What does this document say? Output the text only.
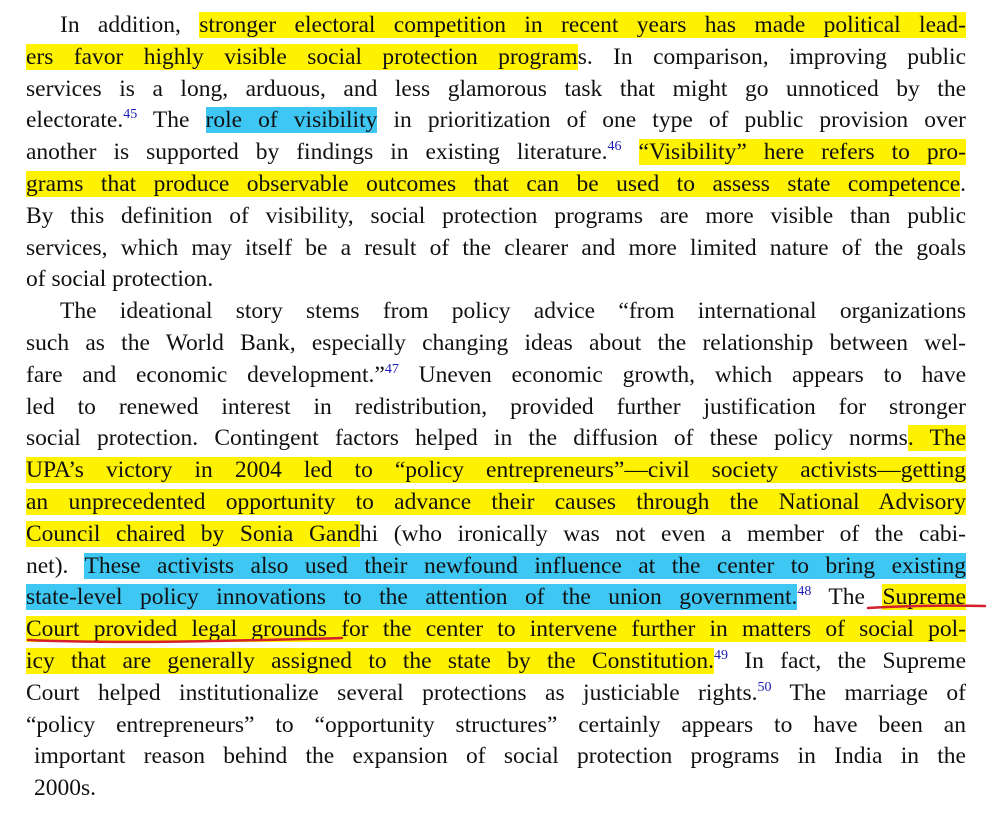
In addition, stronger electoral competition in recent years has made political lead-
ers favor highly visible social protection programs. In comparison, improving public
services is a long, arduous, and less glamorous task that might go unnoticed by the
electorate.$^{45}$ The role of visibility in prioritization of one type of public provision over
another is supported by findings in existing literature.$^{46}$ “Visibility” here refers to pro-
grams that produce observable outcomes that can be used to assess state competence.
By this definition of visibility, social protection programs are more visible than public
services, which may itself be a result of the clearer and more limited nature of the goals
of social protection.
The ideational story stems from policy advice “from international organizations
such as the World Bank, especially changing ideas about the relationship between wel-
fare and economic development.”$^{47}$ Uneven economic growth, which appears to have
led to renewed interest in redistribution, provided further justification for stronger
social protection. Contingent factors helped in the diffusion of these policy norms. The
UPA’s victory in 2004 led to “policy entrepreneurs”—civil society activists—getting
an unprecedented opportunity to advance their causes through the National Advisory
Council chaired by Sonia Gandhi (who ironically was not even a member of the cabi-
net). These activists also used their newfound influence at the center to bring existing
state-level policy innovations to the attention of the union government.$^{48}$ The Supreme
Court provided legal grounds for the center to intervene further in matters of social pol-
icy that are generally assigned to the state by the Constitution.$^{49}$ In fact, the Supreme
Court helped institutionalize several protections as justiciable rights.$^{50}$ The marriage of
“policy entrepreneurs” to “opportunity structures” certainly appears to have been an
important reason behind the expansion of social protection programs in India in the
2000s.
